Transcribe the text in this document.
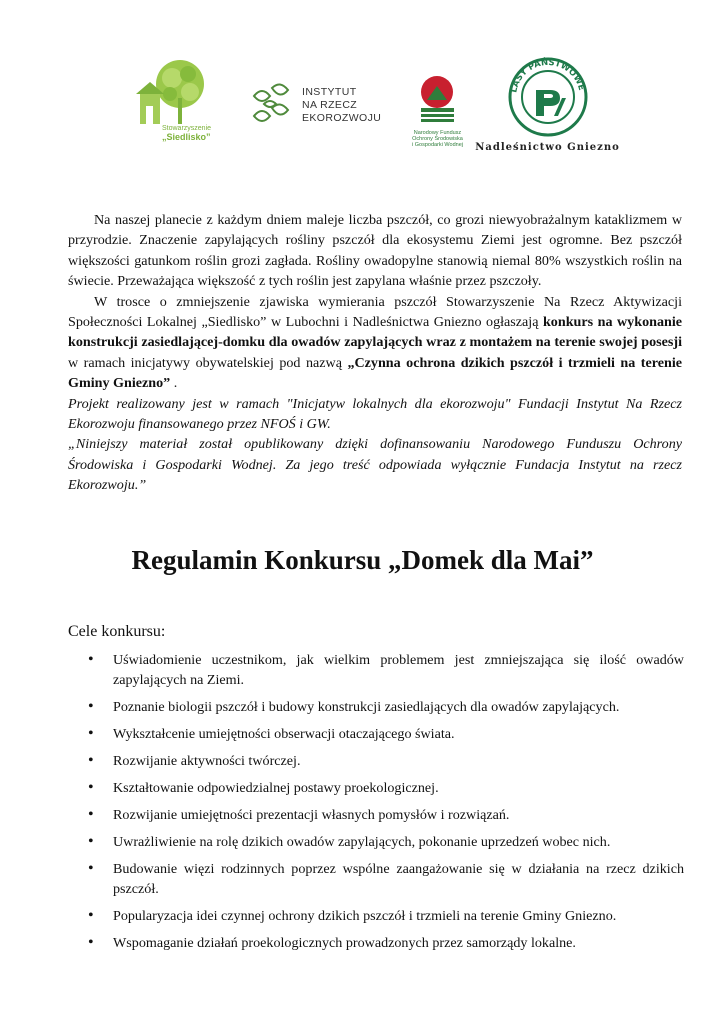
Stowarzyszenie
„Siedlisko”
INSTYTUT
NA RZECZ
EKOROZWOJU
Narodowy Fundusz
Ochrony Środowiska
i Gospodarki Wodnej
LASY PAŃSTWOWE
Nadleśnictwo Gniezno

Na naszej planecie z każdym dniem maleje liczba pszczół, co grozi niewyobrażalnym kataklizmem w przyrodzie. Znaczenie zapylających rośliny pszczół dla ekosystemu Ziemi jest ogromne. Bez pszczół większości gatunkom roślin grozi zagłada. Rośliny owadopylne stanowią niemal 80% wszystkich roślin na świecie. Przeważająca większość z tych roślin jest zapylana właśnie przez pszczoły.

W trosce o zmniejszenie zjawiska wymierania pszczół Stowarzyszenie Na Rzecz Aktywizacji Społeczności Lokalnej „Siedlisko” w Lubochni i Nadleśnictwa Gniezno ogłaszają konkurs na wykonanie konstrukcji zasiedlającej-domku dla owadów zapylających wraz z montażem na terenie swojej posesji w ramach inicjatywy obywatelskiej pod nazwą „Czynna ochrona dzikich pszczół i trzmieli na terenie Gminy Gniezno” .

Projekt realizowany jest w ramach "Inicjatyw lokalnych dla ekorozwoju" Fundacji Instytut Na Rzecz Ekorozwoju finansowanego przez NFOŚ i GW.

„Niniejszy materiał został opublikowany dzięki dofinansowaniu Narodowego Funduszu Ochrony Środowiska i Gospodarki Wodnej. Za jego treść odpowiada wyłącznie Fundacja Instytut na rzecz Ekorozwoju.”

Regulamin Konkursu „Domek dla Mai”
Cele konkursu:
• Uświadomienie uczestnikom, jak wielkim problemem jest zmniejszająca się ilość owadów zapylających na Ziemi.
• Poznanie biologii pszczół i budowy konstrukcji zasiedlających dla owadów zapylających.
• Wykształcenie umiejętności obserwacji otaczającego świata.
• Rozwijanie aktywności twórczej.
• Kształtowanie odpowiedzialnej postawy proekologicznej.
• Rozwijanie umiejętności prezentacji własnych pomysłów i rozwiązań.
• Uwrażliwienie na rolę dzikich owadów zapylających, pokonanie uprzedzeń wobec nich.
• Budowanie więzi rodzinnych poprzez wspólne zaangażowanie się w działania na rzecz dzikich pszczół.
• Popularyzacja idei czynnej ochrony dzikich pszczół i trzmieli na terenie Gminy Gniezno.
• Wspomaganie działań proekologicznych prowadzonych przez samorządy lokalne.
